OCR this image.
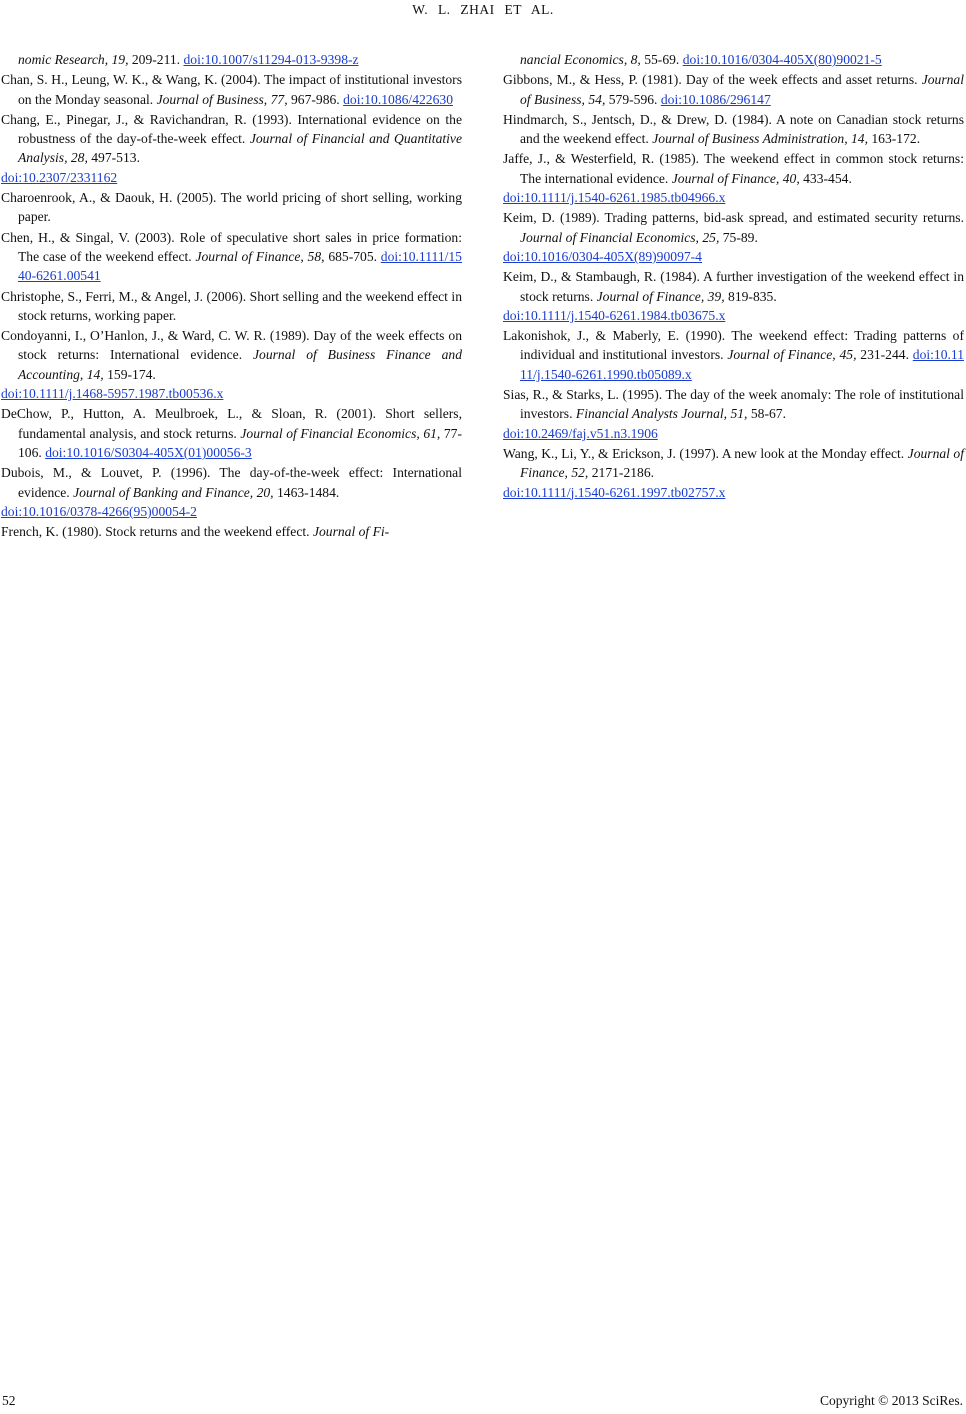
W. L. ZHAI ET AL.

nomic Research, 19, 209-211. doi:10.1007/s11294-013-9398-z

Chan, S. H., Leung, W. K., & Wang, K. (2004). The impact of institutional investors on the Monday seasonal. Journal of Business, 77, 967-986. doi:10.1086/422630

Chang, E., Pinegar, J., & Ravichandran, R. (1993). International evidence on the robustness of the day-of-the-week effect. Journal of Financial and Quantitative Analysis, 28, 497-513.
doi:10.2307/2331162

Charoenrook, A., & Daouk, H. (2005). The world pricing of short selling, working paper.

Chen, H., & Singal, V. (2003). Role of speculative short sales in price formation: The case of the weekend effect. Journal of Finance, 58, 685-705. doi:10.1111/1540-6261.00541

Christophe, S., Ferri, M., & Angel, J. (2006). Short selling and the weekend effect in stock returns, working paper.

Condoyanni, I., O’Hanlon, J., & Ward, C. W. R. (1989). Day of the week effects on stock returns: International evidence. Journal of Business Finance and Accounting, 14, 159-174.
doi:10.1111/j.1468-5957.1987.tb00536.x

DeChow, P., Hutton, A. Meulbroek, L., & Sloan, R. (2001). Short sellers, fundamental analysis, and stock returns. Journal of Financial Economics, 61, 77-106. doi:10.1016/S0304-405X(01)00056-3

Dubois, M., & Louvet, P. (1996). The day-of-the-week effect: International evidence. Journal of Banking and Finance, 20, 1463-1484.
doi:10.1016/0378-4266(95)00054-2

French, K. (1980). Stock returns and the weekend effect. Journal of Fi-

nancial Economics, 8, 55-69. doi:10.1016/0304-405X(80)90021-5

Gibbons, M., & Hess, P. (1981). Day of the week effects and asset returns. Journal of Business, 54, 579-596. doi:10.1086/296147

Hindmarch, S., Jentsch, D., & Drew, D. (1984). A note on Canadian stock returns and the weekend effect. Journal of Business Administration, 14, 163-172.

Jaffe, J., & Westerfield, R. (1985). The weekend effect in common stock returns: The international evidence. Journal of Finance, 40, 433-454.
doi:10.1111/j.1540-6261.1985.tb04966.x

Keim, D. (1989). Trading patterns, bid-ask spread, and estimated security returns. Journal of Financial Economics, 25, 75-89.
doi:10.1016/0304-405X(89)90097-4

Keim, D., & Stambaugh, R. (1984). A further investigation of the weekend effect in stock returns. Journal of Finance, 39, 819-835.
doi:10.1111/j.1540-6261.1984.tb03675.x

Lakonishok, J., & Maberly, E. (1990). The weekend effect: Trading patterns of individual and institutional investors. Journal of Finance, 45, 231-244. doi:10.1111/j.1540-6261.1990.tb05089.x

Sias, R., & Starks, L. (1995). The day of the week anomaly: The role of institutional investors. Financial Analysts Journal, 51, 58-67.
doi:10.2469/faj.v51.n3.1906

Wang, K., Li, Y., & Erickson, J. (1997). A new look at the Monday effect. Journal of Finance, 52, 2171-2186.
doi:10.1111/j.1540-6261.1997.tb02757.x

52	Copyright © 2013 SciRes.
